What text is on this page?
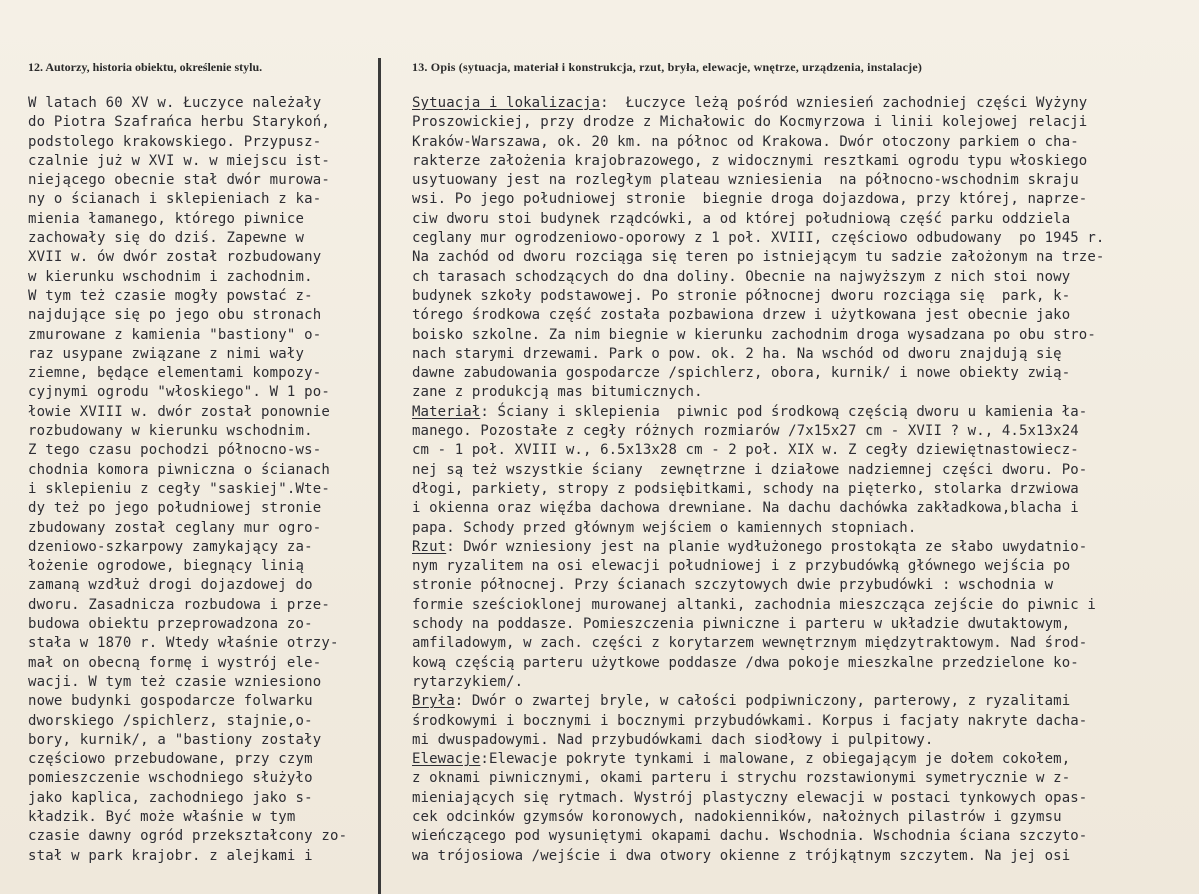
12. Autorzy, historia obiektu, określenie stylu.	13. Opis (sytuacja, materiał i konstrukcja, rzut, bryła, elewacje, wnętrze, urządzenia, instalacje)
W latach 60 XV w. Łuczyce należały
do Piotra Szafrańca herbu Starykoń,
podstolego krakowskiego. Przypusz-
czalnie już w XVI w. w miejscu ist-
niejącego obecnie stał dwór murowa-
ny o ścianach i sklepieniach z ka-
mienia łamanego, którego piwnice
zachowały się do dziś. Zapewne w
XVII w. ów dwór został rozbudowany
w kierunku wschodnim i zachodnim.
W tym też czasie mogły powstać z-
najdujące się po jego obu stronach
zmurowane z kamienia "bastiony" o-
raz usypane związane z nimi wały
ziemne, będące elementami kompozy-
cyjnymi ogrodu "włoskiego". W 1 po-
łowie XVIII w. dwór został ponownie
rozbudowany w kierunku wschodnim.
Z tego czasu pochodzi północno-ws-
chodnia komora piwniczna o ścianach
i sklepieniu z cegły "saskiej".Wte-
dy też po jego południowej stronie
zbudowany został ceglany mur ogro-
dzeniowo-szkarpowy zamykający za-
łożenie ogrodowe, biegnący linią
zamaną wzdłuż drogi dojazdowej do
dworu. Zasadnicza rozbudowa i prze-
budowa obiektu przeprowadzona zo-
stała w 1870 r. Wtedy właśnie otrzy-
mał on obecną formę i wystrój ele-
wacji. W tym też czasie wzniesiono
nowe budynki gospodarcze folwarku
dworskiego /spichlerz, stajnie,o-
bory, kurnik/, a "bastiony zostały
częściowo przebudowane, przy czym
pomieszczenie wschodniego służyło
jako kaplica, zachodniego jako s-
kładzik. Być może właśnie w tym
czasie dawny ogród przekształcony zo-
stał w park krajobr. z alejkami i
Sytuacja i lokalizacja:  Łuczyce leżą pośród wzniesień zachodniej części Wyżyny
Proszowickiej, przy drodze z Michałowic do Kocmyrzowa i linii kolejowej relacji
Kraków-Warszawa, ok. 20 km. na północ od Krakowa. Dwór otoczony parkiem o cha-
rakterze założenia krajobrazowego, z widocznymi resztkami ogrodu typu włoskiego
usytuowany jest na rozległym plateau wzniesienia  na północno-wschodnim skraju
wsi. Po jego południowej stronie  biegnie droga dojazdowa, przy której, naprze-
ciw dworu stoi budynek rządcówki, a od której południową część parku oddziela
ceglany mur ogrodzeniowo-oporowy z 1 poł. XVIII, częściowo odbudowany  po 1945 r.
Na zachód od dworu rozciąga się teren po istniejącym tu sadzie założonym na trze-
ch tarasach schodzących do dna doliny. Obecnie na najwyższym z nich stoi nowy
budynek szkoły podstawowej. Po stronie północnej dworu rozciąga się  park, k-
tórego środkowa część została pozbawiona drzew i użytkowana jest obecnie jako
boisko szkolne. Za nim biegnie w kierunku zachodnim droga wysadzana po obu stro-
nach starymi drzewami. Park o pow. ok. 2 ha. Na wschód od dworu znajdują się
dawne zabudowania gospodarcze /spichlerz, obora, kurnik/ i nowe obiekty zwią-
zane z produkcją mas bitumicznych.
Materiał: Ściany i sklepienia  piwnic pod środkową częścią dworu u kamienia ła-
manego. Pozostałe z cegły różnych rozmiarów /7x15x27 cm - XVII ? w., 4.5x13x24
cm - 1 poł. XVIII w., 6.5x13x28 cm - 2 poł. XIX w. Z cegły dziewiętnastowiecz-
nej są też wszystkie ściany  zewnętrzne i działowe nadziemnej części dworu. Po-
dłogi, parkiety, stropy z podsiębitkami, schody na pięterko, stolarka drzwiowa
i okienna oraz więźba dachowa drewniane. Na dachu dachówka zakładkowa,blacha i
papa. Schody przed głównym wejściem o kamiennych stopniach.
Rzut: Dwór wzniesiony jest na planie wydłużonego prostokąta ze słabo uwydatnio-
nym ryzalitem na osi elewacji południowej i z przybudówką głównego wejścia po
stronie północnej. Przy ścianach szczytowych dwie przybudówki : wschodnia w
formie sześcioklonej murowanej altanki, zachodnia mieszcząca zejście do piwnic i
schody na poddasze. Pomieszczenia piwniczne i parteru w układzie dwutaktowym,
amfiladowym, w zach. części z korytarzem wewnętrznym międzytraktowym. Nad środ-
kową częścią parteru użytkowe poddasze /dwa pokoje mieszkalne przedzielone ko-
rytarzykiem/.
Bryła: Dwór o zwartej bryle, w całości podpiwniczony, parterowy, z ryzalitami
środkowymi i bocznymi i bocznymi przybudówkami. Korpus i facjaty nakryte dacha-
mi dwuspadowymi. Nad przybudówkami dach siodłowy i pulpitowy.
Elewacje:Elewacje pokryte tynkami i malowane, z obiegającym je dołem cokołem,
z oknami piwnicznymi, okami parteru i strychu rozstawionymi symetrycznie w z-
mieniających się rytmach. Wystrój plastyczny elewacji w postaci tynkowych opas-
cek odcinków gzymsów koronowych, nadokienników, nałożnych pilastrów i gzymsu
wieńczącego pod wysuniętymi okapami dachu. Wschodnia. Wschodnia ściana szczyto-
wa trójosiowa /wejście i dwa otwory okienne z trójkątnym szczytem. Na jej osi
